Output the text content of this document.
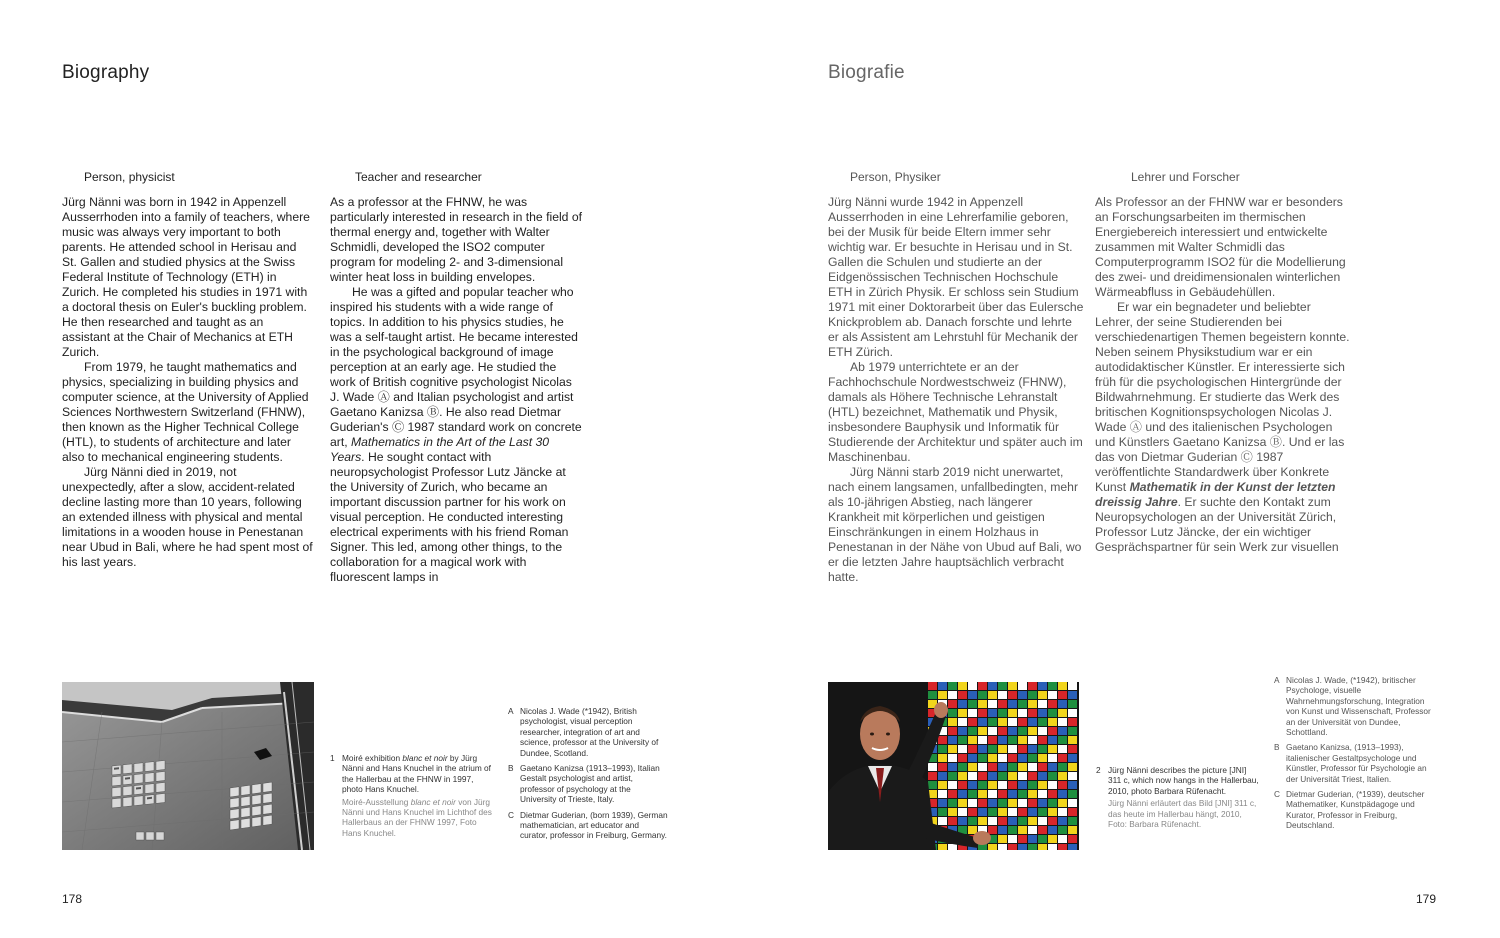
Biography
Person, physicist

Jürg Nänni was born in 1942 in Appenzell Ausserrhoden into a family of teachers, where music was always very important to both parents. He attended school in Herisau and St. Gallen and studied physics at the Swiss Federal Institute of Technology (ETH) in Zurich. He completed his studies in 1971 with a doctoral thesis on Euler's buckling problem. He then researched and taught as an assistant at the Chair of Mechanics at ETH Zurich.

From 1979, he taught mathematics and physics, specializing in building physics and computer science, at the University of Applied Sciences Northwestern Switzerland (FHNW), then known as the Higher Technical College (HTL), to students of architecture and later also to mechanical engineering students.

Jürg Nänni died in 2019, not unexpectedly, after a slow, accident-related decline lasting more than 10 years, following an extended illness with physical and mental limitations in a wooden house in Penestanan near Ubud in Bali, where he had spent most of his last years.

Teacher and researcher

As a professor at the FHNW, he was particularly interested in research in the field of thermal energy and, together with Walter Schmidli, developed the ISO2 computer program for modeling 2- and 3-dimensional winter heat loss in building envelopes.

He was a gifted and popular teacher who inspired his students with a wide range of topics. In addition to his physics studies, he was a self-taught artist. He became interested in the psychological background of image perception at an early age. He studied the work of British cognitive psychologist Nicolas J. Wade Ⓐ and Italian psychologist and artist Gaetano Kanizsa Ⓑ. He also read Dietmar Guderian's Ⓒ 1987 standard work on concrete art, Mathematics in the Art of the Last 30 Years. He sought contact with neuropsychologist Professor Lutz Jäncke at the University of Zurich, who became an important discussion partner for his work on visual perception. He conducted interesting electrical experiments with his friend Roman Signer. This led, among other things, to the collaboration for a magical work with fluorescent lamps in

1 Moiré exhibition blanc et noir by Jürg Nänni and Hans Knuchel in the atrium of the Hallerbau at the FHNW in 1997, photo Hans Knuchel.
Moiré-Ausstellung blanc et noir von Jürg Nänni und Hans Knuchel im Lichthof des Hallerbaus an der FHNW 1997, Foto Hans Knuchel.
A Nicolas J. Wade (*1942), British psychologist, visual perception researcher, integration of art and science, professor at the University of Dundee, Scotland.
B Gaetano Kanizsa (1913–1993), Italian Gestalt psychologist and artist, professor of psychology at the University of Trieste, Italy.
C Dietmar Guderian, (born 1939), German mathematician, art educator and curator, professor in Freiburg, Germany.
178
Biografie
Person, Physiker

Jürg Nänni wurde 1942 in Appenzell Ausserrhoden in eine Lehrerfamilie geboren, bei der Musik für beide Eltern immer sehr wichtig war. Er besuchte in Herisau und in St. Gallen die Schulen und studierte an der Eidgenössischen Technischen Hochschule ETH in Zürich Physik. Er schloss sein Studium 1971 mit einer Doktorarbeit über das Eulersche Knickproblem ab. Danach forschte und lehrte er als Assistent am Lehrstuhl für Mechanik der ETH Zürich.

Ab 1979 unterrichtete er an der Fachhochschule Nordwestschweiz (FHNW), damals als Höhere Technische Lehranstalt (HTL) bezeichnet, Mathematik und Physik, insbesondere Bauphysik und Informatik für Studierende der Architektur und später auch im Maschinenbau.

Jürg Nänni starb 2019 nicht unerwartet, nach einem langsamen, unfallbedingten, mehr als 10-jährigen Abstieg, nach längerer Krankheit mit körperlichen und geistigen Einschränkungen in einem Holzhaus in Penestanan in der Nähe von Ubud auf Bali, wo er die letzten Jahre hauptsächlich verbracht hatte.

Lehrer und Forscher

Als Professor an der FHNW war er besonders an Forschungsarbeiten im thermischen Energiebereich interessiert und entwickelte zusammen mit Walter Schmidli das Computerprogramm ISO2 für die Modellierung des zwei- und dreidimensionalen winterlichen Wärmeabfluss in Gebäudehüllen.

Er war ein begnadeter und beliebter Lehrer, der seine Studierenden bei verschiedenartigen Themen begeistern konnte. Neben seinem Physikstudium war er ein autodidaktischer Künstler. Er interessierte sich früh für die psychologischen Hintergründe der Bildwahrnehmung. Er studierte das Werk des britischen Kognitionspsychologen Nicolas J. Wade Ⓐ und des italienischen Psychologen und Künstlers Gaetano Kanizsa Ⓑ. Und er las das von Dietmar Guderian Ⓒ 1987 veröffentlichte Standardwerk über Konkrete Kunst Mathematik in der Kunst der letzten dreissig Jahre. Er suchte den Kontakt zum Neuropsychologen an der Universität Zürich, Professor Lutz Jäncke, der ein wichtiger Gesprächspartner für sein Werk zur visuellen

2 Jürg Nänni describes the picture [JNI] 311 c, which now hangs in the Hallerbau, 2010, photo Barbara Rüfenacht.
Jürg Nänni erläutert das Bild [JNI] 311 c, das heute im Hallerbau hängt, 2010, Foto: Barbara Rüfenacht.
A Nicolas J. Wade, (*1942), britischer Psychologe, visuelle Wahrnehmungsforschung, Integration von Kunst und Wissenschaft, Professor an der Universität von Dundee, Schottland.
B Gaetano Kanizsa, (1913–1993), italienischer Gestaltpsychologe und Künstler, Professor für Psychologie an der Universität Triest, Italien.
C Dietmar Guderian, (*1939), deutscher Mathematiker, Kunstpädagoge und Kurator, Professor in Freiburg, Deutschland.
179
